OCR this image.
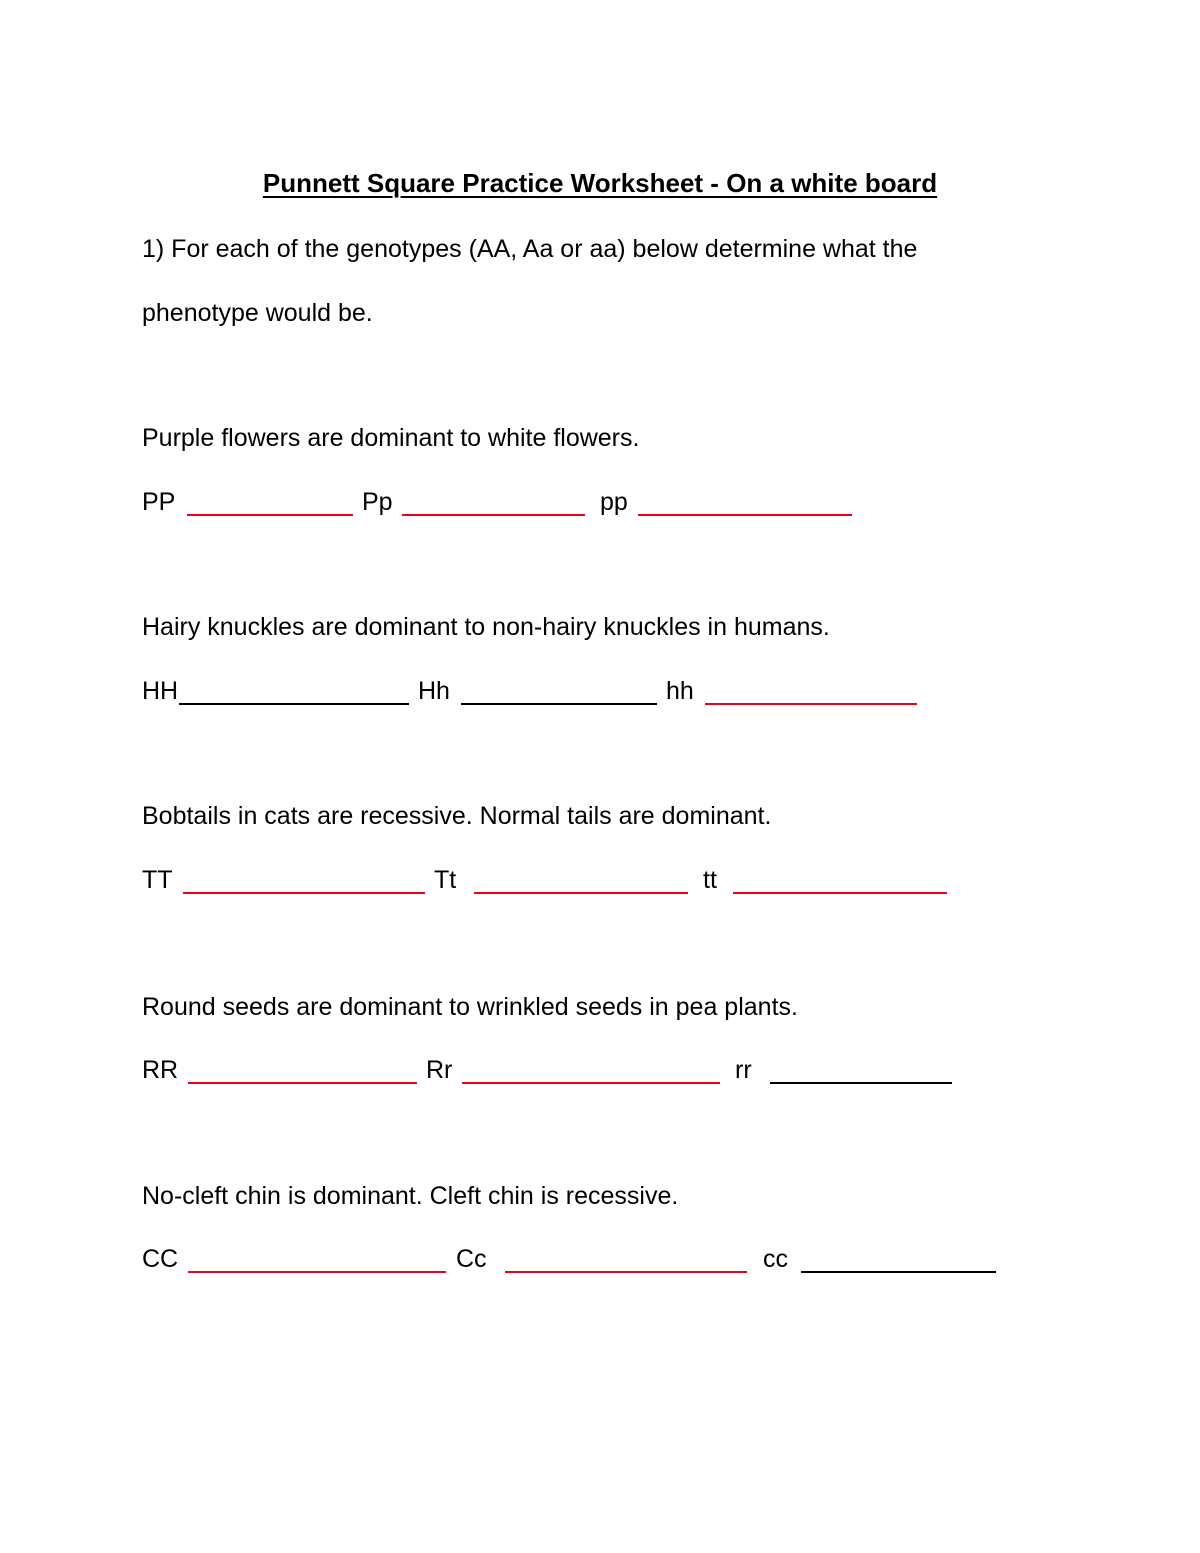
Punnett Square Practice Worksheet - On a white board
1) For each of the genotypes (AA, Aa or aa) below determine what the
phenotype would be.
Purple flowers are dominant to white flowers.
PP	Pp	pp
Hairy knuckles are dominant to non-hairy knuckles in humans.
HH	Hh	hh
Bobtails in cats are recessive. Normal tails are dominant.
TT	Tt	tt
Round seeds are dominant to wrinkled seeds in pea plants.
RR	Rr	rr
No-cleft chin is dominant. Cleft chin is recessive.
CC	Cc	cc
